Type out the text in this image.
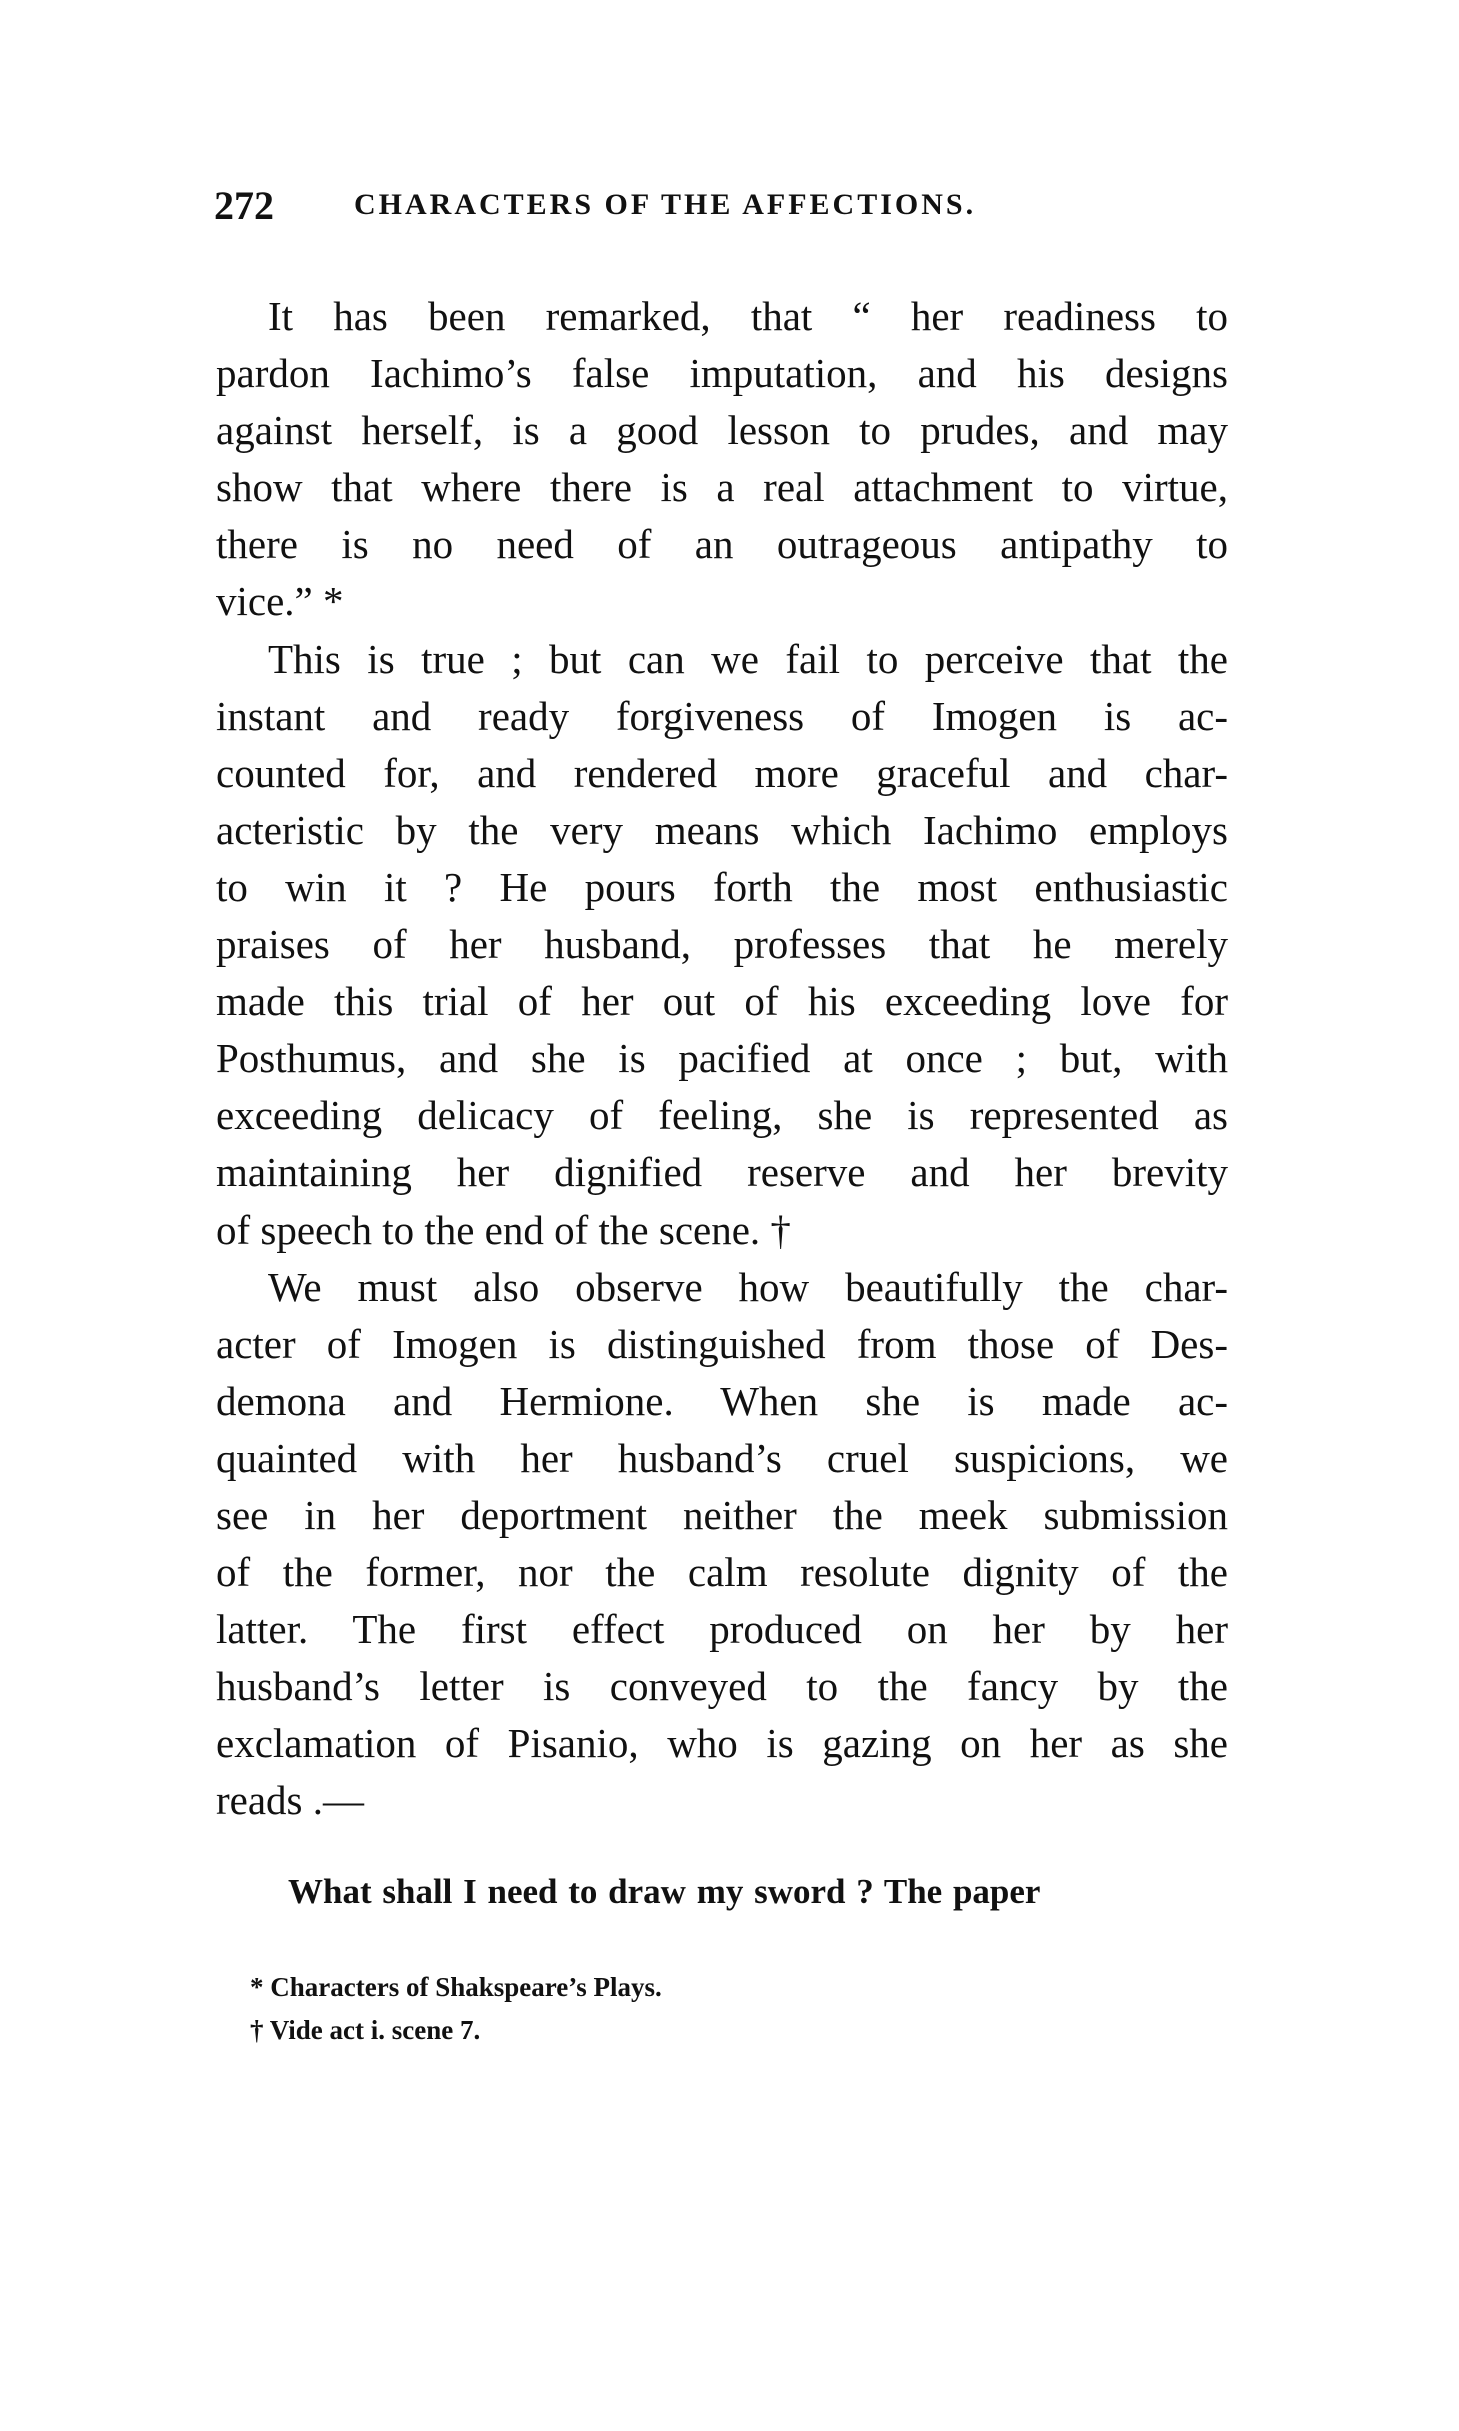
272	CHARACTERS OF THE AFFECTIONS.
It has been remarked, that “ her readiness to
pardon Iachimo’s false imputation, and his designs
against herself, is a good lesson to prudes, and may
show that where there is a real attachment to virtue,
there is no need of an outrageous antipathy to
vice.” *
This is true ; but can we fail to perceive that the
instant and ready forgiveness of Imogen is ac-
counted for, and rendered more graceful and char-
acteristic by the very means which Iachimo employs
to win it ? He pours forth the most enthusiastic
praises of her husband, professes that he merely
made this trial of her out of his exceeding love for
Posthumus, and she is pacified at once ; but, with
exceeding delicacy of feeling, she is represented as
maintaining her dignified reserve and her brevity
of speech to the end of the scene. †
We must also observe how beautifully the char-
acter of Imogen is distinguished from those of Des-
demona and Hermione. When she is made ac-
quainted with her husband’s cruel suspicions, we
see in her deportment neither the meek submission
of the former, nor the calm resolute dignity of the
latter. The first effect produced on her by her
husband’s letter is conveyed to the fancy by the
exclamation of Pisanio, who is gazing on her as she
reads .—
What shall I need to draw my sword ? The paper
* Characters of Shakspeare’s Plays.
† Vide act i. scene 7.
